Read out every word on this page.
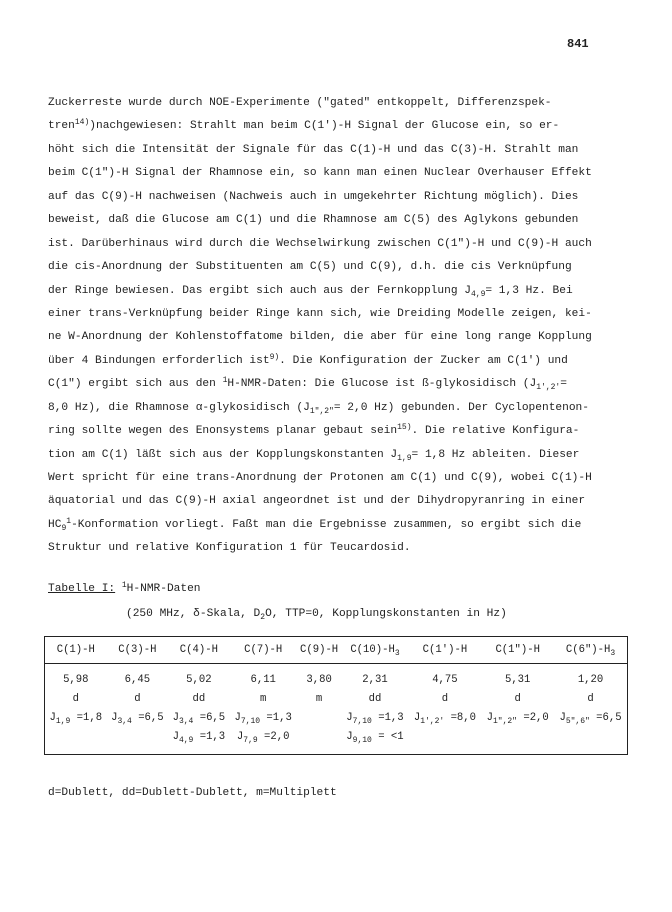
841
Zuckerreste wurde durch NOE-Experimente ("gated" entkoppelt, Differenzspek-
tren$^{14)}$)nachgewiesen: Strahlt man beim C(1')-H Signal der Glucose ein, so er-
höht sich die Intensität der Signale für das C(1)-H und das C(3)-H. Strahlt man
beim C(1")-H Signal der Rhamnose ein, so kann man einen Nuclear Overhauser Effekt
auf das C(9)-H nachweisen (Nachweis auch in umgekehrter Richtung möglich). Dies
beweist, daß die Glucose am C(1) und die Rhamnose am C(5) des Aglykons gebunden
ist. Darüberhinaus wird durch die Wechselwirkung zwischen C(1")-H und C(9)-H auch
die cis-Anordnung der Substituenten am C(5) und C(9), d.h. die cis Verknüpfung
der Ringe bewiesen. Das ergibt sich auch aus der Fernkopplung $J_{4,9}= 1,3$ Hz. Bei
einer trans-Verknüpfung beider Ringe kann sich, wie Dreiding Modelle zeigen, kei-
ne W-Anordnung der Kohlenstoffatome bilden, die aber für eine long range Kopplung
über 4 Bindungen erforderlich ist$^{9)}$. Die Konfiguration der Zucker am C(1') und
C(1") ergibt sich aus den $^1$H-NMR-Daten: Die Glucose ist ß-glykosidisch ($J_{1',2'}=$
8,0 Hz), die Rhamnose α-glykosidisch ($J_{1",2"}= 2,0$ Hz) gebunden. Der Cyclopentenon-
ring sollte wegen des Enonsystems planar gebaut sein$^{15)}$. Die relative Konfigura-
tion am C(1) läßt sich aus der Kopplungskonstanten $J_{1,9}= 1,8$ Hz ableiten. Dieser
Wert spricht für eine trans-Anordnung der Protonen am C(1) und C(9), wobei C(1)-H
äquatorial und das C(9)-H axial angeordnet ist und der Dihydropyranring in einer
$HC_9^1$-Konformation vorliegt. Faßt man die Ergebnisse zusammen, so ergibt sich die
Struktur und relative Konfiguration 1 für Teucardosid.
Tabelle I: $^1$H-NMR-Daten
(250 MHz, δ-Skala, $D_2O$, TTP=0, Kopplungskonstanten in Hz)
C(1)-H	C(3)-H	C(4)-H	C(7)-H	C(9)-H	$C(10)-H_3$	C(1')-H	C(1")-H	$C(6")-H_3$
5,98	6,45	5,02	6,11	3,80	2,31	4,75	5,31	1,20
d	d	dd	m	m	dd	d	d	d
$J_{1,9} =1,8$	$J_{3,4} =6,5$	$J_{3,4} =6,5$	$J_{7,10} =1,3$		$J_{7,10} =1,3$	$J_{1',2'} =8,0$	$J_{1",2"} =2,0$	$J_{5",6"} =6,5$
		$J_{4,9} =1,3$	$J_{7,9} =2,0$		$J_{9,10} = <1$			
d=Dublett, dd=Dublett-Dublett, m=Multiplett
